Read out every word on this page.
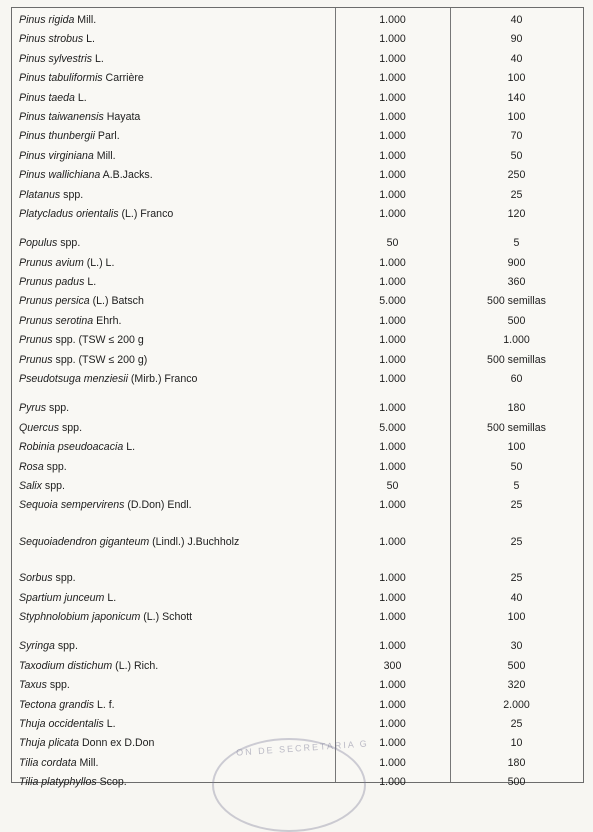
Pinus rigida Mill.	1.000	40
Pinus strobus L.	1.000	90
Pinus sylvestris L.	1.000	40
Pinus tabuliformis Carrière	1.000	100
Pinus taeda L.	1.000	140
Pinus taiwanensis Hayata	1.000	100
Pinus thunbergii Parl.	1.000	70
Pinus virginiana Mill.	1.000	50
Pinus wallichiana A.B.Jacks.	1.000	250
Platanus spp.	1.000	25
Platycladus orientalis (L.) Franco	1.000	120
Populus spp.	50	5
Prunus avium (L.) L.	1.000	900
Prunus padus L.	1.000	360
Prunus persica (L.) Batsch	5.000	500 semillas
Prunus serotina Ehrh.	1.000	500
Prunus spp. (TSW ≤ 200 g	1.000	1.000
Prunus spp. (TSW ≤ 200 g)	1.000	500 semillas
Pseudotsuga menziesii (Mirb.) Franco	1.000	60
Pyrus spp.	1.000	180
Quercus spp.	5.000	500 semillas
Robinia pseudoacacia L.	1.000	100
Rosa spp.	1.000	50
Salix spp.	50	5
Sequoia sempervirens (D.Don) Endl.	1.000	25
Sequoiadendron giganteum (Lindl.) J.Buchholz	1.000	25
Sorbus spp.	1.000	25
Spartium junceum L.	1.000	40
Styphnolobium japonicum (L.) Schott	1.000	100
Syringa spp.	1.000	30
Taxodium distichum (L.) Rich.	300	500
Taxus spp.	1.000	320
Tectona grandis L. f.	1.000	2.000
Thuja occidentalis L.	1.000	25
Thuja plicata Donn ex D.Don	1.000	10
Tilia cordata Mill.	1.000	180
Tilia platyphyllos Scop.	1.000	500
ON DE SECRETARIA G
